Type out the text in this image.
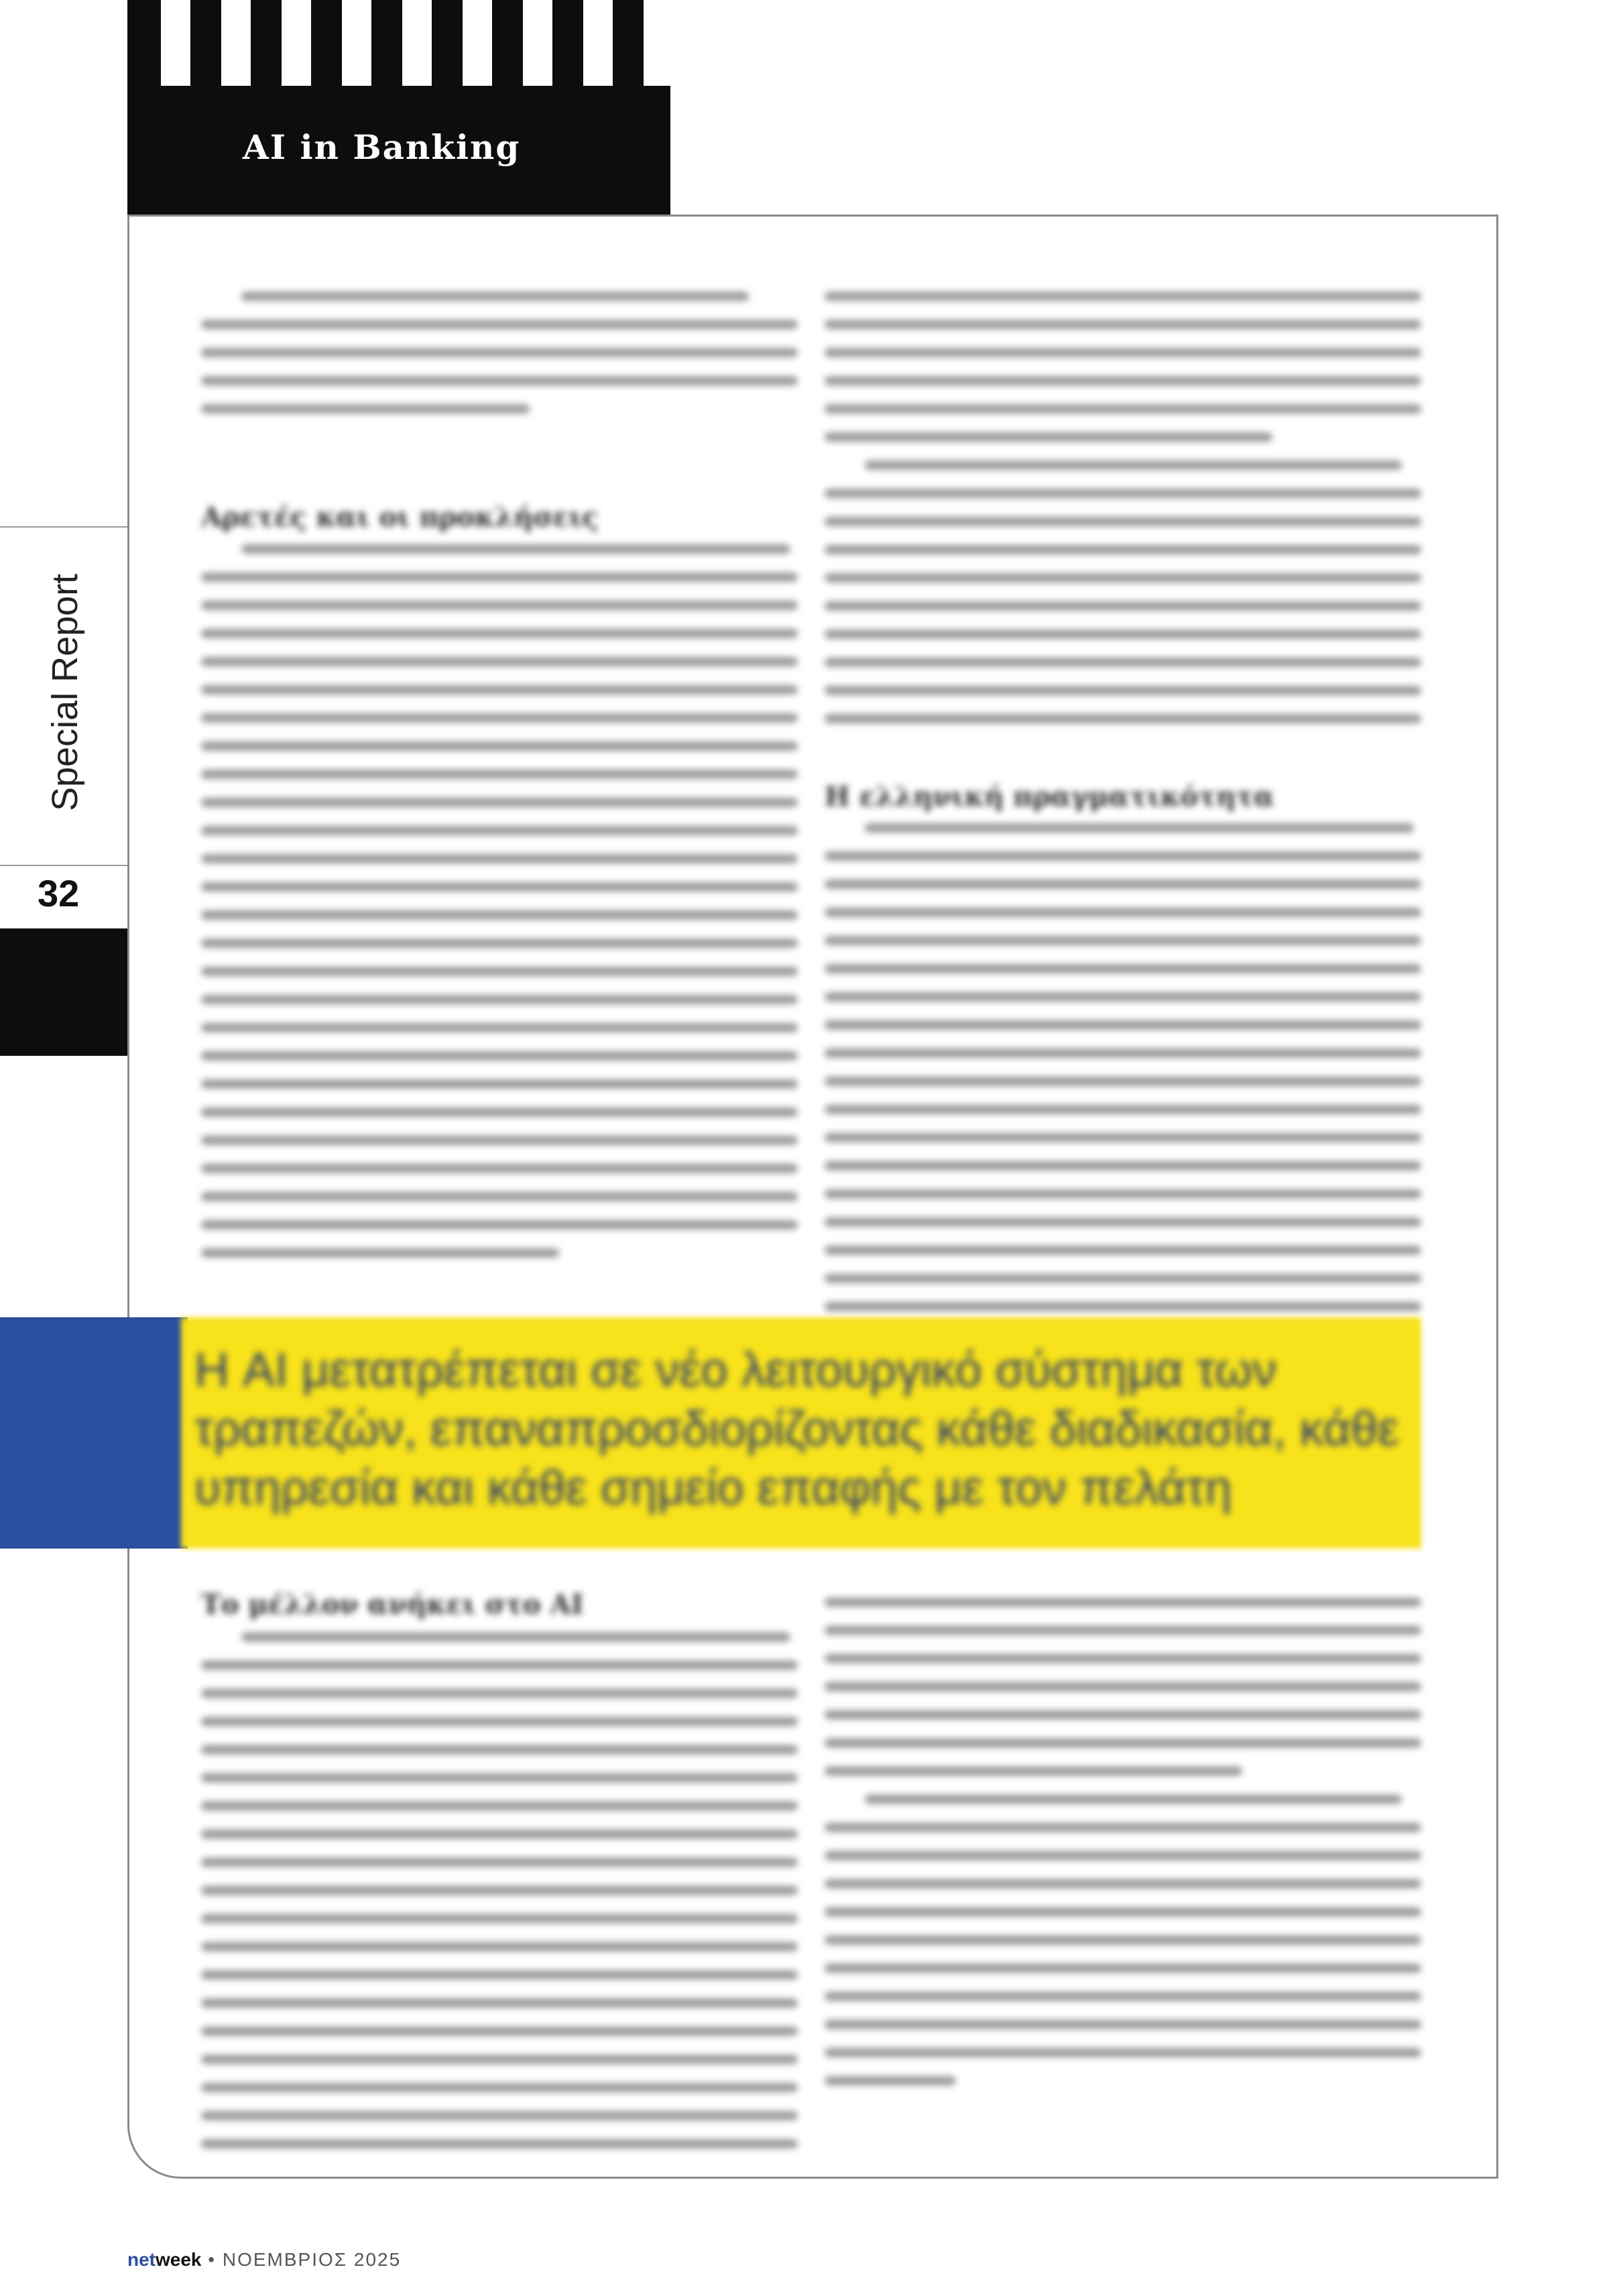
AI in Banking
Special Report
32
Αρετές και οι προκλήσεις
Η ελληνική πραγματικότητα
Η AI μετατρέπεται σε νέο λειτουργικό σύστημα των τραπεζών, επαναπροσδιορίζοντας κάθε διαδικασία, κάθε υπηρεσία και κάθε σημείο επαφής με τον πελάτη
Το μέλλον ανήκει στο AI
netweek • ΝΟΕΜΒΡΙΟΣ 2025
